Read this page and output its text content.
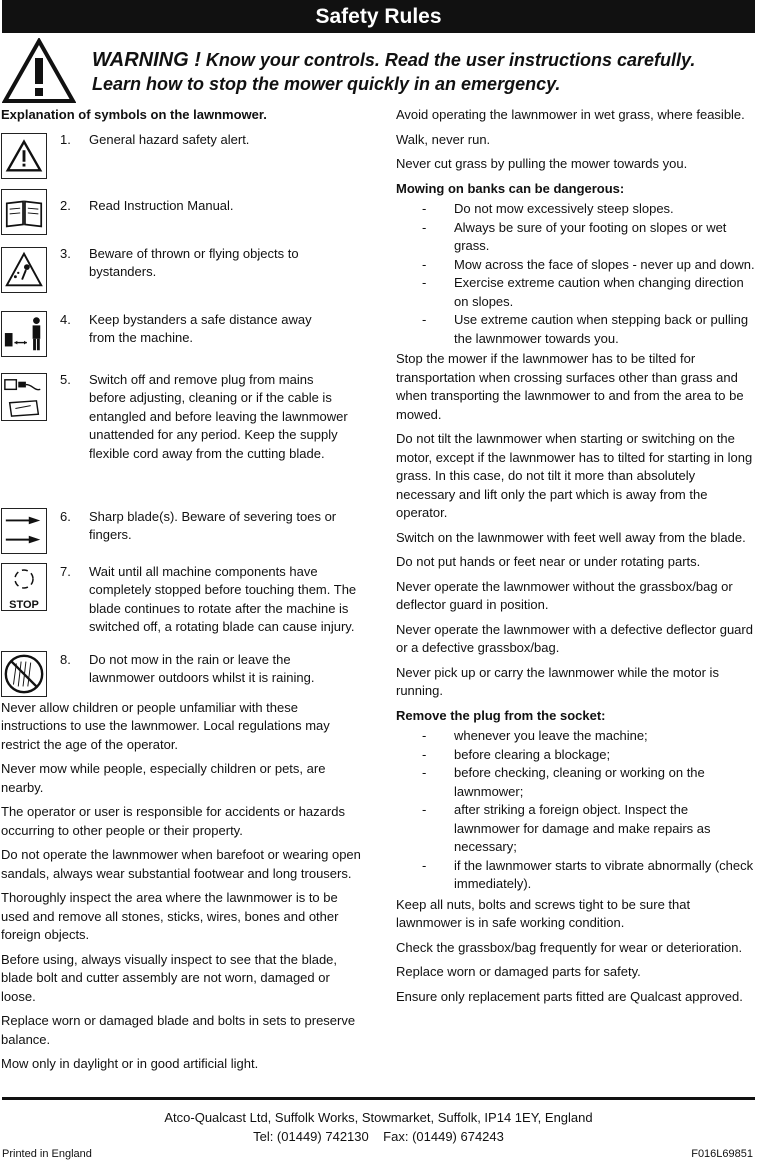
Safety Rules
WARNING ! Know your controls. Read the user instructions carefully.
Learn how to stop the mower quickly in an emergency.
Explanation of symbols on the lawnmower.
1. General hazard safety alert.
2. Read Instruction Manual.
3. Beware of thrown or flying objects to bystanders.
4. Keep bystanders a safe distance away from the machine.
5. Switch off and remove plug from mains before adjusting, cleaning or if the cable is entangled and before leaving the lawnmower unattended for any period. Keep the supply flexible cord away from the cutting blade.
6. Sharp blade(s). Beware of severing toes or fingers.
STOP
7. Wait until all machine components have completely stopped before touching them. The blade continues to rotate after the machine is switched off, a rotating blade can cause injury.
8. Do not mow in the rain or leave the lawnmower outdoors whilst it is raining.

Never allow children or people unfamiliar with these instructions to use the lawnmower. Local regulations may restrict the age of the operator.

Never mow while people, especially children or pets, are nearby.

The operator or user is responsible for accidents or hazards occurring to other people or their property.

Do not operate the lawnmower when barefoot or wearing open sandals, always wear substantial footwear and long trousers.

Thoroughly inspect the area where the lawnmower is to be used and remove all stones, sticks, wires, bones and other foreign objects.

Before using, always visually inspect to see that the blade, blade bolt and cutter assembly are not worn, damaged or loose.

Replace worn or damaged blade and bolts in sets to preserve balance.

Mow only in daylight or in good artificial light.

Avoid operating the lawnmower in wet grass, where feasible.

Walk, never run.

Never cut grass by pulling the mower towards you.

Mowing on banks can be dangerous:

-	Do not mow excessively steep slopes.
-	Always be sure of your footing on slopes or wet grass.
-	Mow across the face of slopes - never up and down.
-	Exercise extreme caution when changing direction on slopes.
-	Use extreme caution when stepping back or pulling the lawnmower towards you.

Stop the mower if the lawnmower has to be tilted for transportation when crossing surfaces other than grass and when transporting the lawnmower to and from the area to be mowed.

Do not tilt the lawnmower when starting or switching on the motor, except if the lawnmower has to tilted for starting in long grass. In this case, do not tilt it more than absolutely necessary and lift only the part which is away from the operator.

Switch on the lawnmower with feet well away from the blade.

Do not put hands or feet near or under rotating parts.

Never operate the lawnmower without the grassbox/bag or deflector guard in position.

Never operate the lawnmower with a defective deflector guard or a defective grassbox/bag.

Never pick up or carry the lawnmower while the motor is running.

Remove the plug from the socket:

-	whenever you leave the machine;
-	before clearing a blockage;
-	before checking, cleaning or working on the lawnmower;
-	after striking a foreign object. Inspect the lawnmower for damage and make repairs as necessary;
-	if the lawnmower starts to vibrate abnormally (check immediately).

Keep all nuts, bolts and screws tight to be sure that lawnmower is in safe working condition.

Check the grassbox/bag frequently for wear or deterioration.

Replace worn or damaged parts for safety.

Ensure only replacement parts fitted are Qualcast approved.

Atco-Qualcast Ltd, Suffolk Works, Stowmarket, Suffolk, IP14 1EY, England
Tel: (01449) 742130    Fax: (01449) 674243
Printed in England	F016L69851
